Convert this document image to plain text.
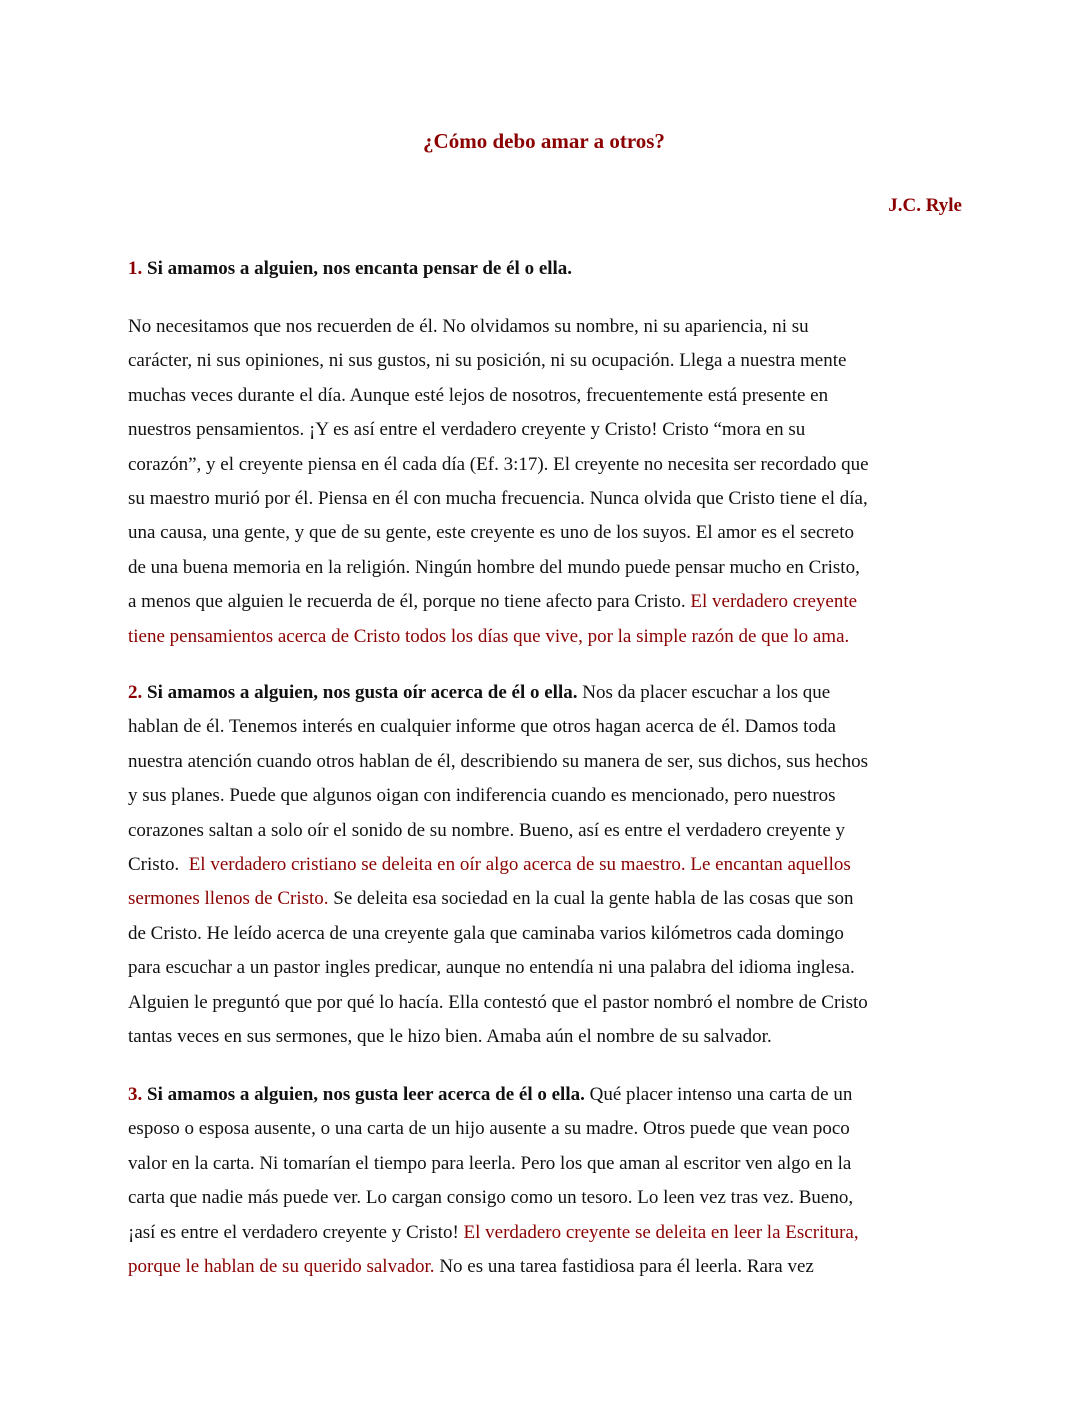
¿Cómo debo amar a otros?
J.C. Ryle
1. Si amamos a alguien, nos encanta pensar de él o ella.
No necesitamos que nos recuerden de él. No olvidamos su nombre, ni su apariencia, ni su
carácter, ni sus opiniones, ni sus gustos, ni su posición, ni su ocupación. Llega a nuestra mente
muchas veces durante el día. Aunque esté lejos de nosotros, frecuentemente está presente en
nuestros pensamientos. ¡Y es así entre el verdadero creyente y Cristo! Cristo “mora en su
corazón”, y el creyente piensa en él cada día (Ef. 3:17). El creyente no necesita ser recordado que
su maestro murió por él. Piensa en él con mucha frecuencia. Nunca olvida que Cristo tiene el día,
una causa, una gente, y que de su gente, este creyente es uno de los suyos. El amor es el secreto
de una buena memoria en la religión. Ningún hombre del mundo puede pensar mucho en Cristo,
a menos que alguien le recuerda de él, porque no tiene afecto para Cristo. El verdadero creyente
tiene pensamientos acerca de Cristo todos los días que vive, por la simple razón de que lo ama.
2. Si amamos a alguien, nos gusta oír acerca de él o ella. Nos da placer escuchar a los que
hablan de él. Tenemos interés en cualquier informe que otros hagan acerca de él. Damos toda
nuestra atención cuando otros hablan de él, describiendo su manera de ser, sus dichos, sus hechos
y sus planes. Puede que algunos oigan con indiferencia cuando es mencionado, pero nuestros
corazones saltan a solo oír el sonido de su nombre. Bueno, así es entre el verdadero creyente y
Cristo.  El verdadero cristiano se deleita en oír algo acerca de su maestro. Le encantan aquellos
sermones llenos de Cristo. Se deleita esa sociedad en la cual la gente habla de las cosas que son
de Cristo. He leído acerca de una creyente gala que caminaba varios kilómetros cada domingo
para escuchar a un pastor ingles predicar, aunque no entendía ni una palabra del idioma inglesa.
Alguien le preguntó que por qué lo hacía. Ella contestó que el pastor nombró el nombre de Cristo
tantas veces en sus sermones, que le hizo bien. Amaba aún el nombre de su salvador.
3. Si amamos a alguien, nos gusta leer acerca de él o ella. Qué placer intenso una carta de un
esposo o esposa ausente, o una carta de un hijo ausente a su madre. Otros puede que vean poco
valor en la carta. Ni tomarían el tiempo para leerla. Pero los que aman al escritor ven algo en la
carta que nadie más puede ver. Lo cargan consigo como un tesoro. Lo leen vez tras vez. Bueno,
¡así es entre el verdadero creyente y Cristo! El verdadero creyente se deleita en leer la Escritura,
porque le hablan de su querido salvador. No es una tarea fastidiosa para él leerla. Rara vez
